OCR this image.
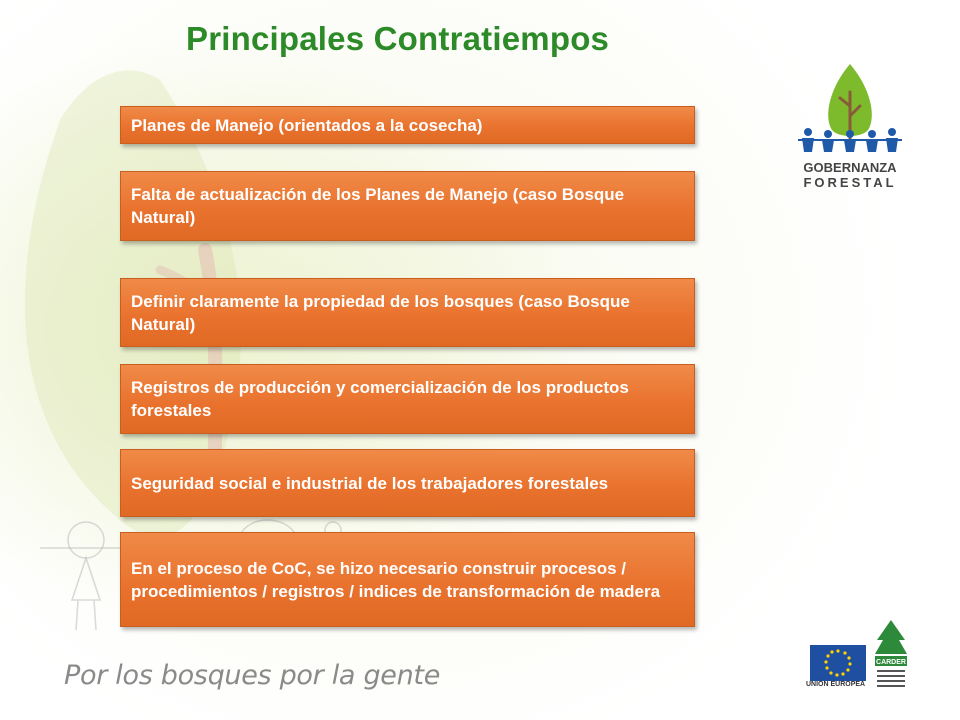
Principales Contratiempos
Planes de Manejo (orientados a la cosecha)
Falta de actualización de los Planes de Manejo (caso Bosque Natural)
Definir claramente la propiedad de los bosques (caso Bosque Natural)
Registros de producción y comercialización de los productos forestales
Seguridad social e industrial de los trabajadores forestales
En el proceso de CoC, se hizo necesario construir procesos / procedimientos / registros / indices de transformación de madera
GOBERNANZA
FORESTAL
Por los bosques por la gente	UNIÓN EUROPEA
CARDER
